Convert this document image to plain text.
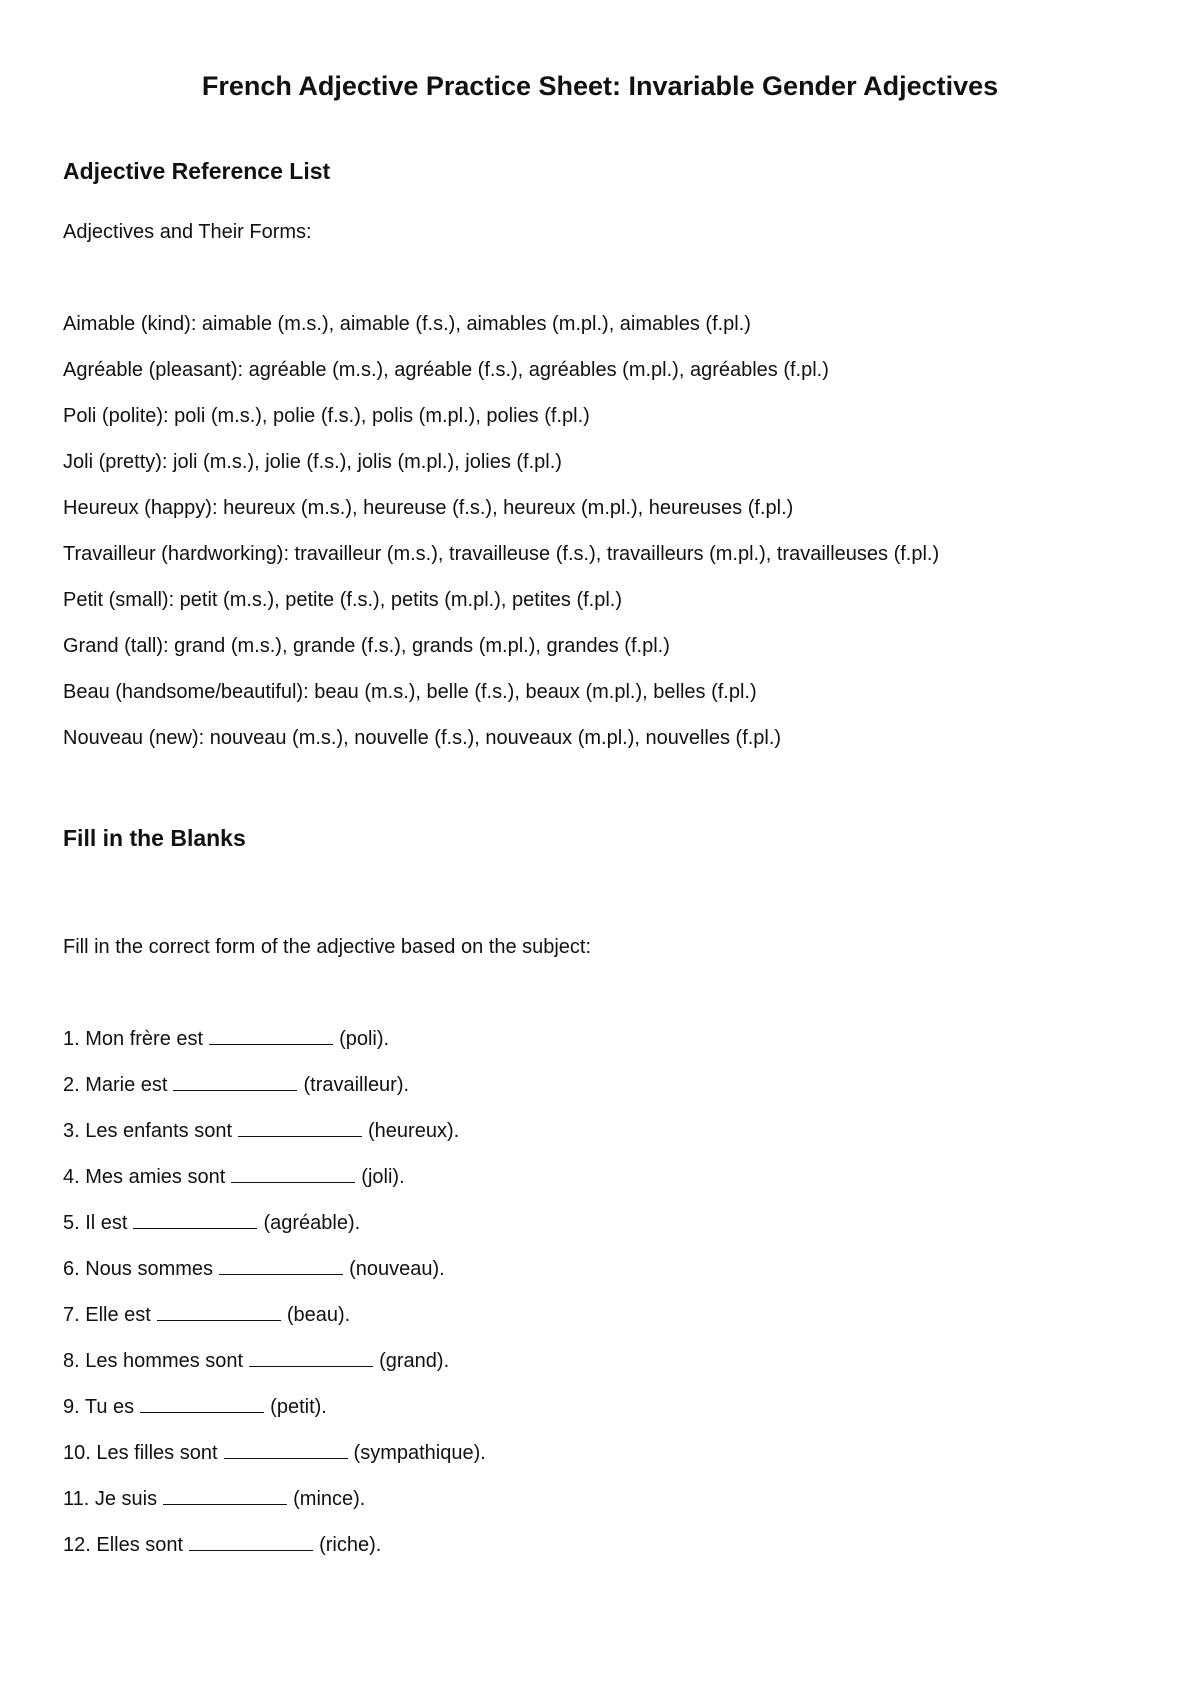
French Adjective Practice Sheet: Invariable Gender Adjectives
Adjective Reference List
Adjectives and Their Forms:
Aimable (kind): aimable (m.s.), aimable (f.s.), aimables (m.pl.), aimables (f.pl.)
Agréable (pleasant): agréable (m.s.), agréable (f.s.), agréables (m.pl.), agréables (f.pl.)
Poli (polite): poli (m.s.), polie (f.s.), polis (m.pl.), polies (f.pl.)
Joli (pretty): joli (m.s.), jolie (f.s.), jolis (m.pl.), jolies (f.pl.)
Heureux (happy): heureux (m.s.), heureuse (f.s.), heureux (m.pl.), heureuses (f.pl.)
Travailleur (hardworking): travailleur (m.s.), travailleuse (f.s.), travailleurs (m.pl.), travailleuses (f.pl.)
Petit (small): petit (m.s.), petite (f.s.), petits (m.pl.), petites (f.pl.)
Grand (tall): grand (m.s.), grande (f.s.), grands (m.pl.), grandes (f.pl.)
Beau (handsome/beautiful): beau (m.s.), belle (f.s.), beaux (m.pl.), belles (f.pl.)
Nouveau (new): nouveau (m.s.), nouvelle (f.s.), nouveaux (m.pl.), nouvelles (f.pl.)
Fill in the Blanks
Fill in the correct form of the adjective based on the subject:
1. Mon frère est	(poli).
2. Marie est	(travailleur).
3. Les enfants sont	(heureux).
4. Mes amies sont	(joli).
5. Il est	(agréable).
6. Nous sommes	(nouveau).
7. Elle est	(beau).
8. Les hommes sont	(grand).
9. Tu es	(petit).
10. Les filles sont	(sympathique).
11. Je suis	(mince).
12. Elles sont	(riche).
